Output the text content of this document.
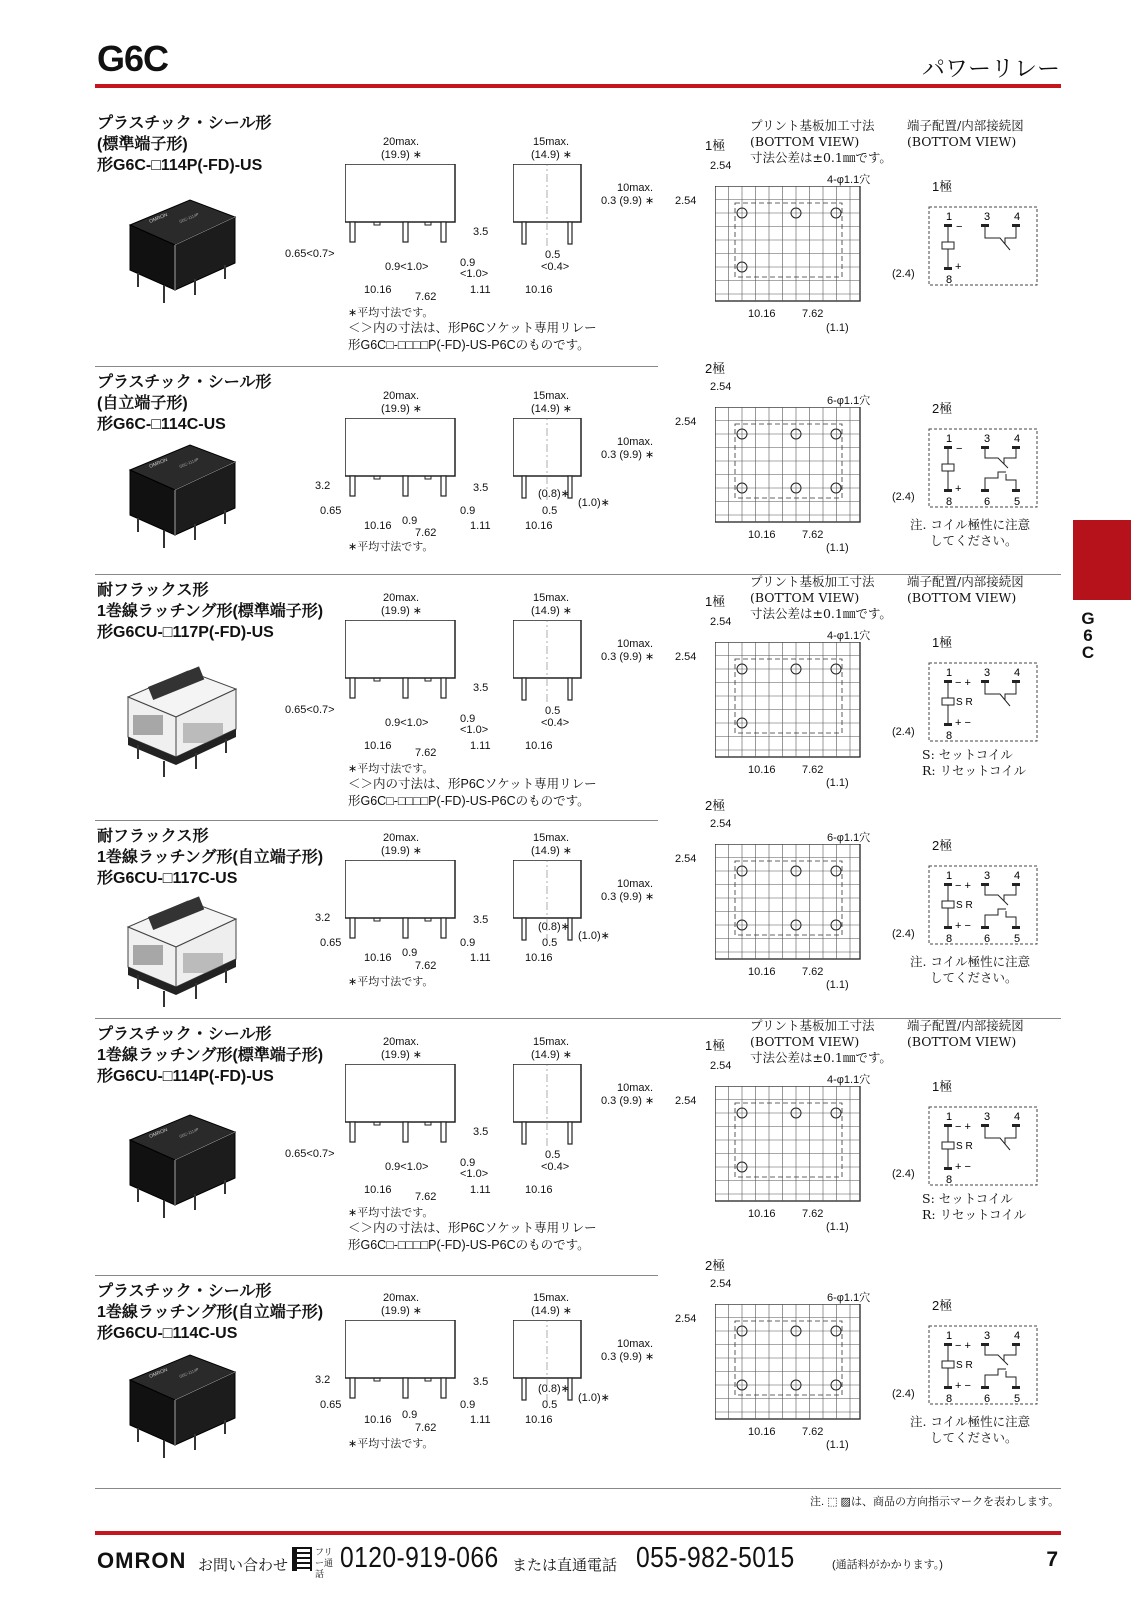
G6C	パワーリレー
G
6
C
プラスチック・シール形
(標準端子形)
形G6C-□114P(-FD)-US
プラスチック・シール形
(自立端子形)
形G6C-□114C-US
耐フラックス形
1巻線ラッチング形(標準端子形)
形G6CU-□117P(-FD)-US
耐フラックス形
1巻線ラッチング形(自立端子形)
形G6CU-□117C-US
プラスチック・シール形
1巻線ラッチング形(標準端子形)
形G6CU-□114P(-FD)-US
プラスチック・シール形
1巻線ラッチング形(自立端子形)
形G6CU-□114C-US
20max.
(19.9) ∗
15max.
(14.9) ∗
10max.
0.3 (9.9) ∗
3.5
0.65<0.7>
0.9<1.0>	0.9
<1.0>
10.16
7.62
1.11
0.5
<0.4>
10.16
∗平均寸法です。
＜＞内の寸法は、形P6Cソケット専用リレー
形G6C□-□□□□P(-FD)-US-P6Cのものです。
20max.
(19.9) ∗
15max.
(14.9) ∗
10max.
0.3 (9.9) ∗
3.2	3.5
0.65
0.9
0.9
10.16
7.62
1.11
(0.8)∗
(1.0)∗
0.5
10.16
∗平均寸法です。
20max.
(19.9) ∗
15max.
(14.9) ∗
10max.
0.3 (9.9) ∗
3.5
0.65<0.7>
0.9<1.0>	0.9
<1.0>
10.16
7.62
1.11
0.5
<0.4>
10.16
∗平均寸法です。
＜＞内の寸法は、形P6Cソケット専用リレー
形G6C□-□□□□P(-FD)-US-P6Cのものです。
20max.
(19.9) ∗
15max.
(14.9) ∗
10max.
0.3 (9.9) ∗
3.2	3.5
0.65
0.9
0.9
10.16
7.62
1.11
(0.8)∗
(1.0)∗
0.5
10.16
∗平均寸法です。
20max.
(19.9) ∗
15max.
(14.9) ∗
10max.
0.3 (9.9) ∗
3.5
0.65<0.7>
0.9<1.0>	0.9
<1.0>
10.16
7.62
1.11
0.5
<0.4>
10.16
∗平均寸法です。
＜＞内の寸法は、形P6Cソケット専用リレー
形G6C□-□□□□P(-FD)-US-P6Cのものです。
20max.
(19.9) ∗
15max.
(14.9) ∗
10max.
0.3 (9.9) ∗
3.2	3.5
0.65
0.9
0.9
10.16
7.62
1.11
(0.8)∗
(1.0)∗
0.5
10.16
∗平均寸法です。
プリント基板加工寸法
(BOTTOM VIEW)
寸法公差は±0.1㎜です。
1極
端子配置/内部接続図
(BOTTOM VIEW)
2.54
2.54
4-φ1.1穴
(2.4)
10.16 7.62
(1.1)
1極
1	3 4
8
−
+
2極
2.54
2.54
6-φ1.1穴
(2.4)
10.16 7.62
(1.1)
2極
1	3 4
8	6 5
−
+
注. コイル極性に注意
してください。
プリント基板加工寸法
(BOTTOM VIEW)
寸法公差は±0.1㎜です。
1極
端子配置/内部接続図
(BOTTOM VIEW)
2.54
2.54
4-φ1.1穴
(2.4)
10.16 7.62
(1.1)
1極
1	3 4
8
S R
− +
+ −
S: セットコイル
R: リセットコイル
2極
2.54
2.54
6-φ1.1穴
(2.4)
10.16 7.62
(1.1)
2極
1	3 4
8	6 5
S R
− +
+ −
注. コイル極性に注意
してください。
プリント基板加工寸法
(BOTTOM VIEW)
寸法公差は±0.1㎜です。
1極
端子配置/内部接続図
(BOTTOM VIEW)
2.54
2.54
4-φ1.1穴
(2.4)
10.16 7.62
(1.1)
1極
1	3 4
8
S R
− +
+ −
S: セットコイル
R: リセットコイル
2極
2.54
2.54
6-φ1.1穴
(2.4)
10.16 7.62
(1.1)
2極
1	3 4
8	6 5
S R
− +
+ −
注. コイル極性に注意
してください。
注. ⬚ ▨は、商品の方向指示マークを表わします。
OMRON お問い合わせ
フリー通話 0120-919-066 または直通電話 055-982-5015	(通話料がかかります。)	7
